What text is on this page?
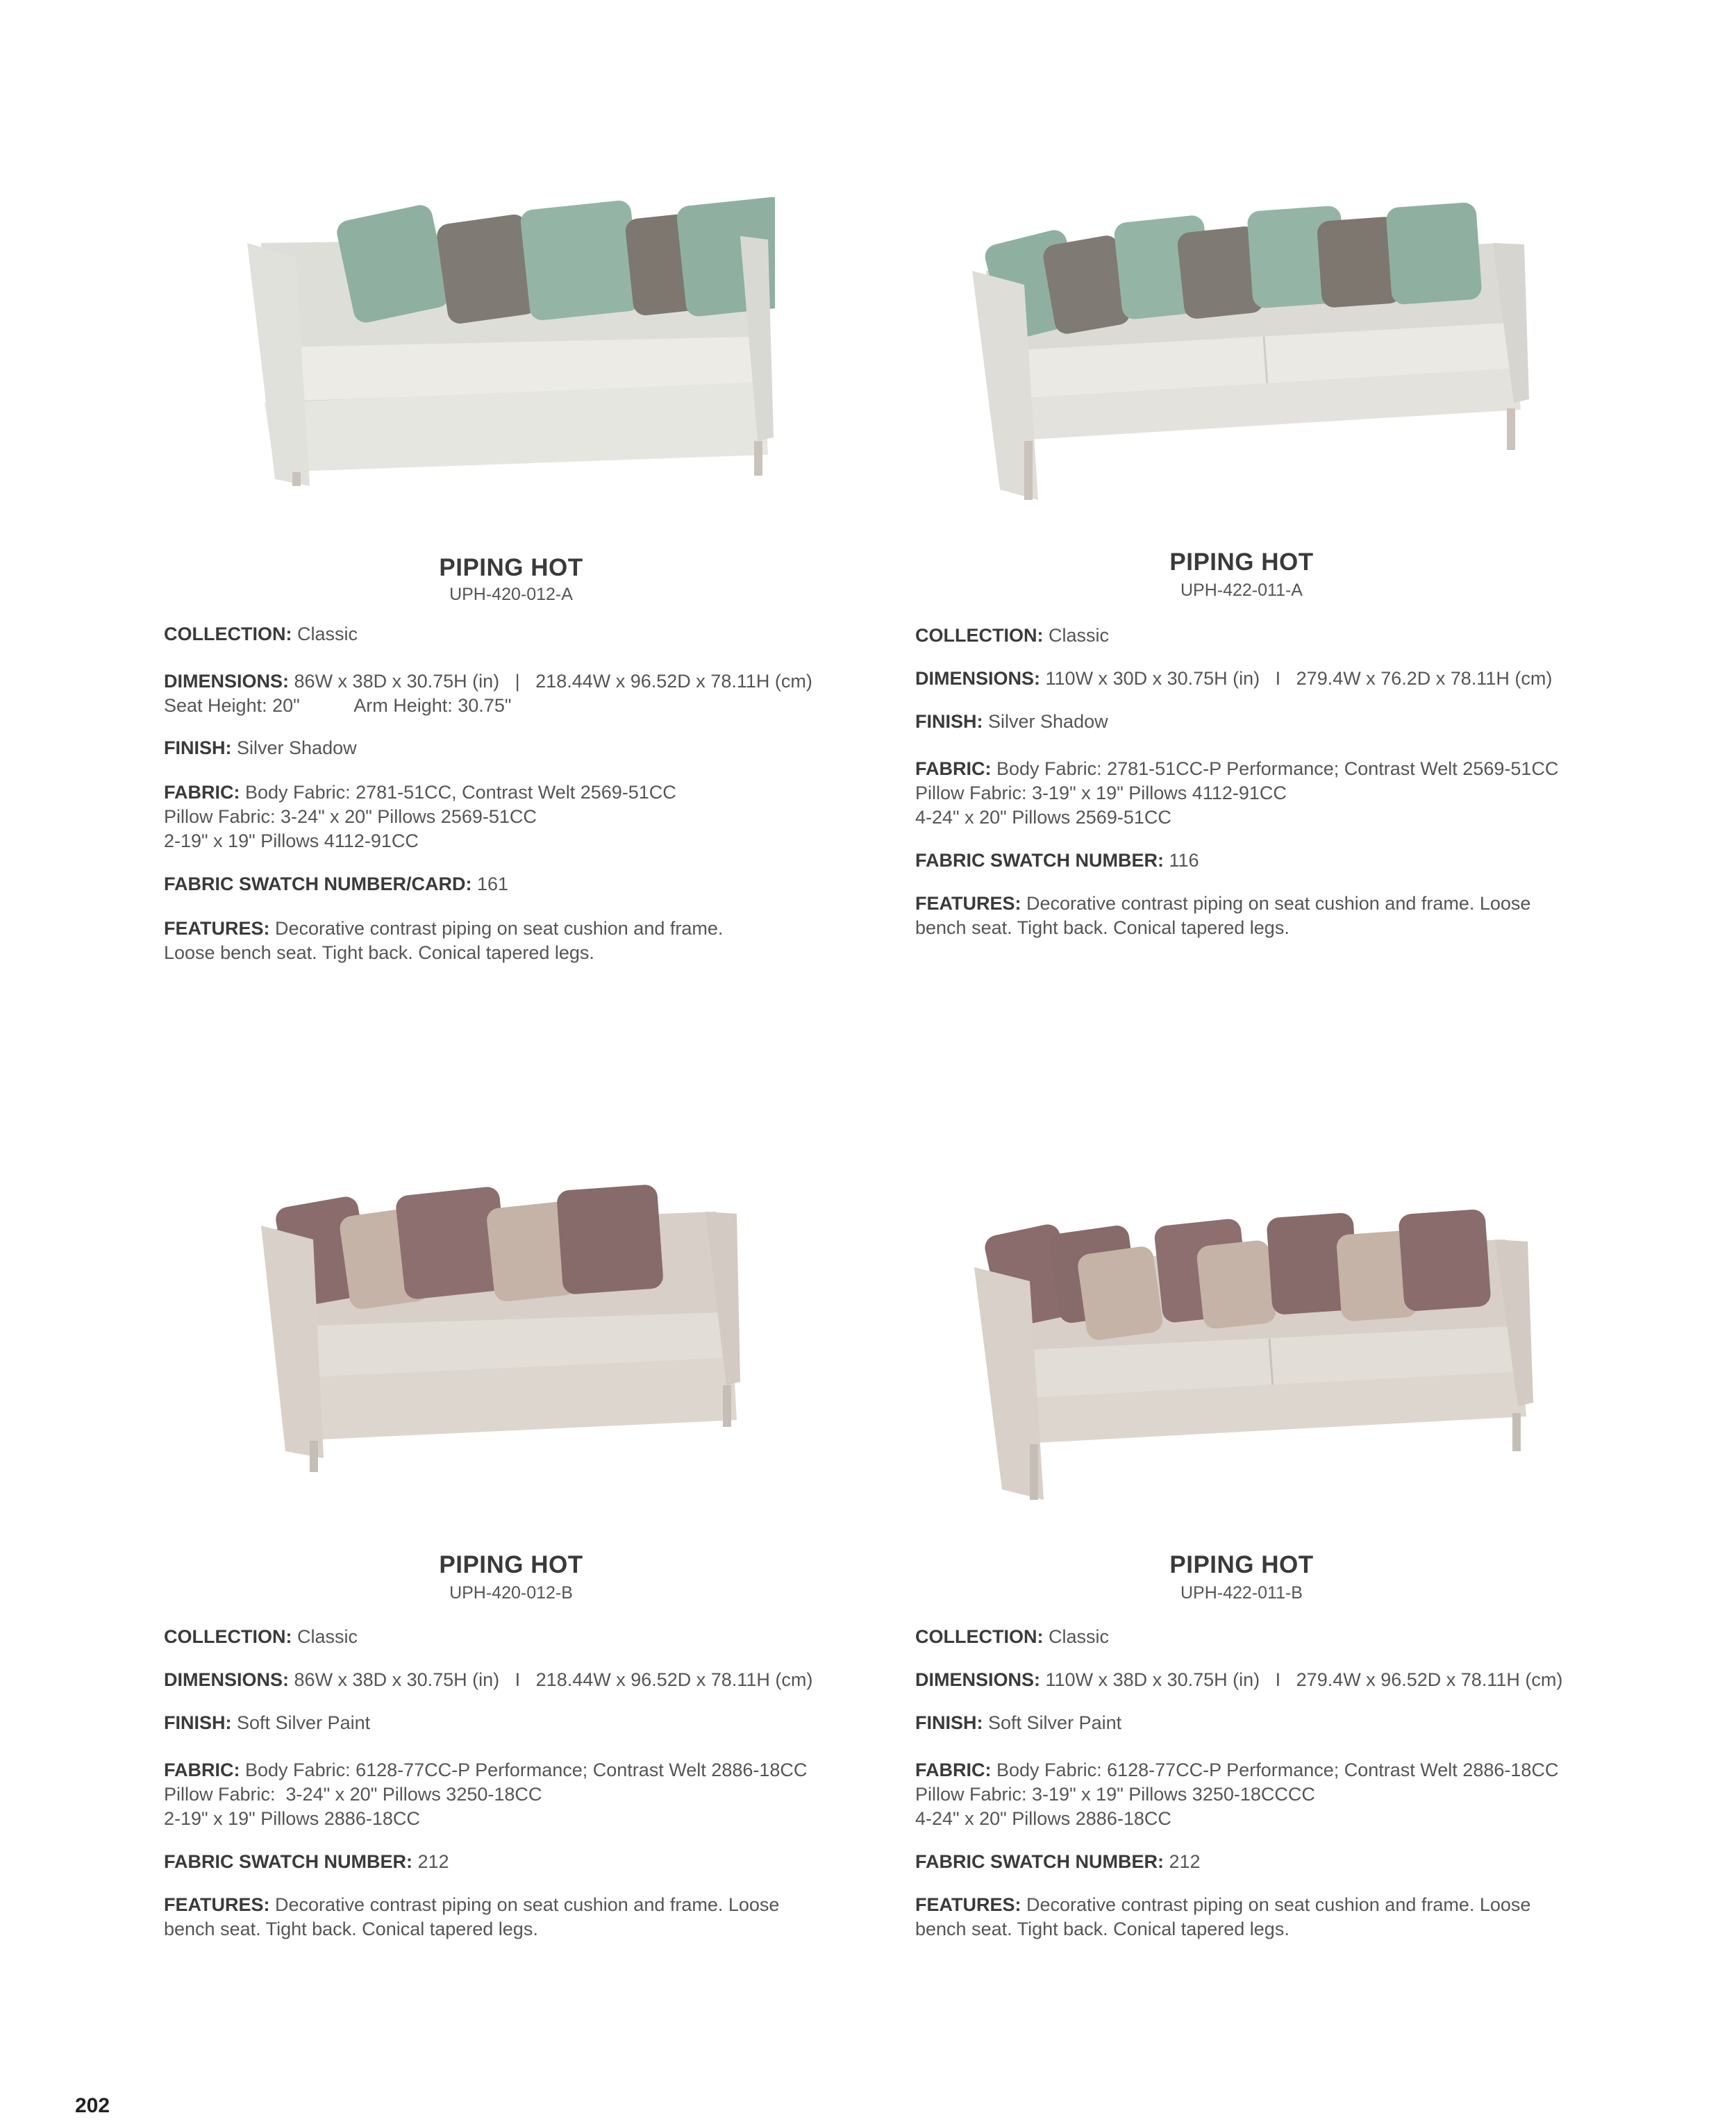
PIPING HOT
UPH-420-012-A
COLLECTION: Classic
DIMENSIONS: 86W x 38D x 30.75H (in)   |   218.44W x 96.52D x 78.11H (cm)
Seat Height: 20"	Arm Height: 30.75"
FINISH: Silver Shadow
FABRIC: Body Fabric: 2781-51CC, Contrast Welt 2569-51CC
Pillow Fabric: 3-24" x 20" Pillows 2569-51CC
2-19" x 19" Pillows 4112-91CC
FABRIC SWATCH NUMBER/CARD: 161
FEATURES: Decorative contrast piping on seat cushion and frame.
Loose bench seat. Tight back. Conical tapered legs.
PIPING HOT
UPH-422-011-A
COLLECTION: Classic
DIMENSIONS: 110W x 30D x 30.75H (in)   I   279.4W x 76.2D x 78.11H (cm)
FINISH: Silver Shadow
FABRIC: Body Fabric: 2781-51CC-P Performance; Contrast Welt 2569-51CC
Pillow Fabric: 3-19" x 19" Pillows 4112-91CC
4-24" x 20" Pillows 2569-51CC
FABRIC SWATCH NUMBER: 116
FEATURES: Decorative contrast piping on seat cushion and frame. Loose
bench seat. Tight back. Conical tapered legs.
PIPING HOT
UPH-420-012-B
COLLECTION: Classic
DIMENSIONS: 86W x 38D x 30.75H (in)   I   218.44W x 96.52D x 78.11H (cm)
FINISH: Soft Silver Paint
FABRIC: Body Fabric: 6128-77CC-P Performance; Contrast Welt 2886-18CC
Pillow Fabric:  3-24" x 20" Pillows 3250-18CC
2-19" x 19" Pillows 2886-18CC
FABRIC SWATCH NUMBER: 212
FEATURES: Decorative contrast piping on seat cushion and frame. Loose
bench seat. Tight back. Conical tapered legs.
PIPING HOT
UPH-422-011-B
COLLECTION: Classic
DIMENSIONS: 110W x 38D x 30.75H (in)   I   279.4W x 96.52D x 78.11H (cm)
FINISH: Soft Silver Paint
FABRIC: Body Fabric: 6128-77CC-P Performance; Contrast Welt 2886-18CC
Pillow Fabric: 3-19" x 19" Pillows 3250-18CCCC
4-24" x 20" Pillows 2886-18CC
FABRIC SWATCH NUMBER: 212
FEATURES: Decorative contrast piping on seat cushion and frame. Loose
bench seat. Tight back. Conical tapered legs.
202
